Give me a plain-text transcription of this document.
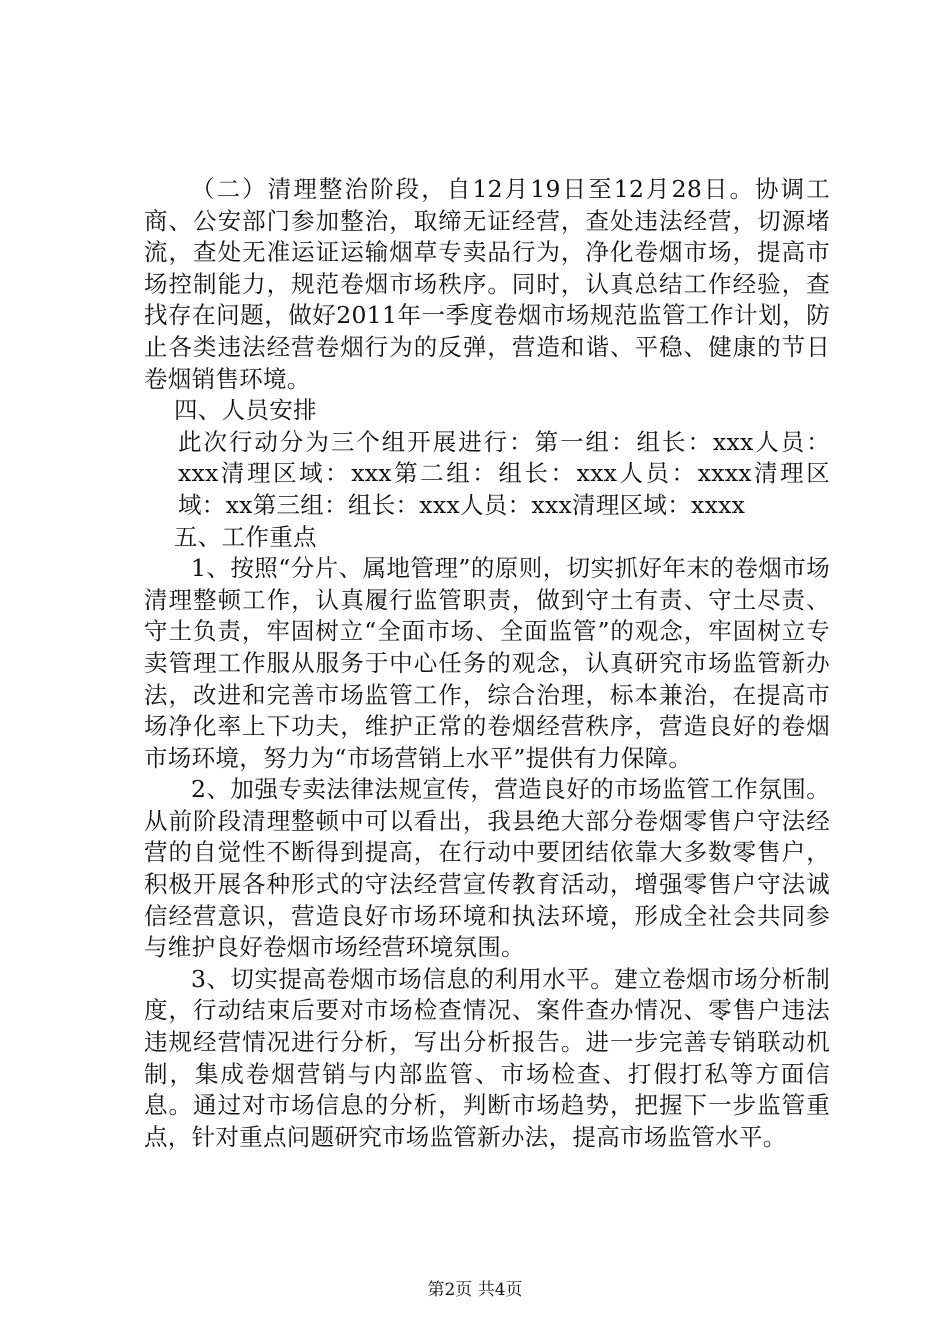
（二）清理整治阶段，自12月19日至12月28日。协调工商、公安部门参加整治，取缔无证经营，查处违法经营，切源堵流，查处无准运证运输烟草专卖品行为，净化卷烟市场，提高市场控制能力，规范卷烟市场秩序。同时，认真总结工作经验，查找存在问题，做好2011年一季度卷烟市场规范监管工作计划，防止各类违法经营卷烟行为的反弹，营造和谐、平稳、健康的节日卷烟销售环境。

四、人员安排

此次行动分为三个组开展进行：第一组：组长：xxx人员：xxx清理区域：xxx第二组：组长：xxx人员：xxxx清理区域：xx第三组：组长：xxx人员：xxx清理区域：xxxx

五、工作重点

1、按照“分片、属地管理”的原则，切实抓好年末的卷烟市场清理整顿工作，认真履行监管职责，做到守土有责、守土尽责、守土负责，牢固树立“全面市场、全面监管”的观念，牢固树立专卖管理工作服从服务于中心任务的观念，认真研究市场监管新办法，改进和完善市场监管工作，综合治理，标本兼治，在提高市场净化率上下功夫，维护正常的卷烟经营秩序，营造良好的卷烟市场环境，努力为“市场营销上水平”提供有力保障。

2、加强专卖法律法规宣传，营造良好的市场监管工作氛围。从前阶段清理整顿中可以看出，我县绝大部分卷烟零售户守法经营的自觉性不断得到提高，在行动中要团结依靠大多数零售户，积极开展各种形式的守法经营宣传教育活动，增强零售户守法诚信经营意识，营造良好市场环境和执法环境，形成全社会共同参与维护良好卷烟市场经营环境氛围。

3、切实提高卷烟市场信息的利用水平。建立卷烟市场分析制度，行动结束后要对市场检查情况、案件查办情况、零售户违法违规经营情况进行分析，写出分析报告。进一步完善专销联动机制，集成卷烟营销与内部监管、市场检查、打假打私等方面信息。通过对市场信息的分析，判断市场趋势，把握下一步监管重点，针对重点问题研究市场监管新办法，提高市场监管水平。

第2页 共4页
